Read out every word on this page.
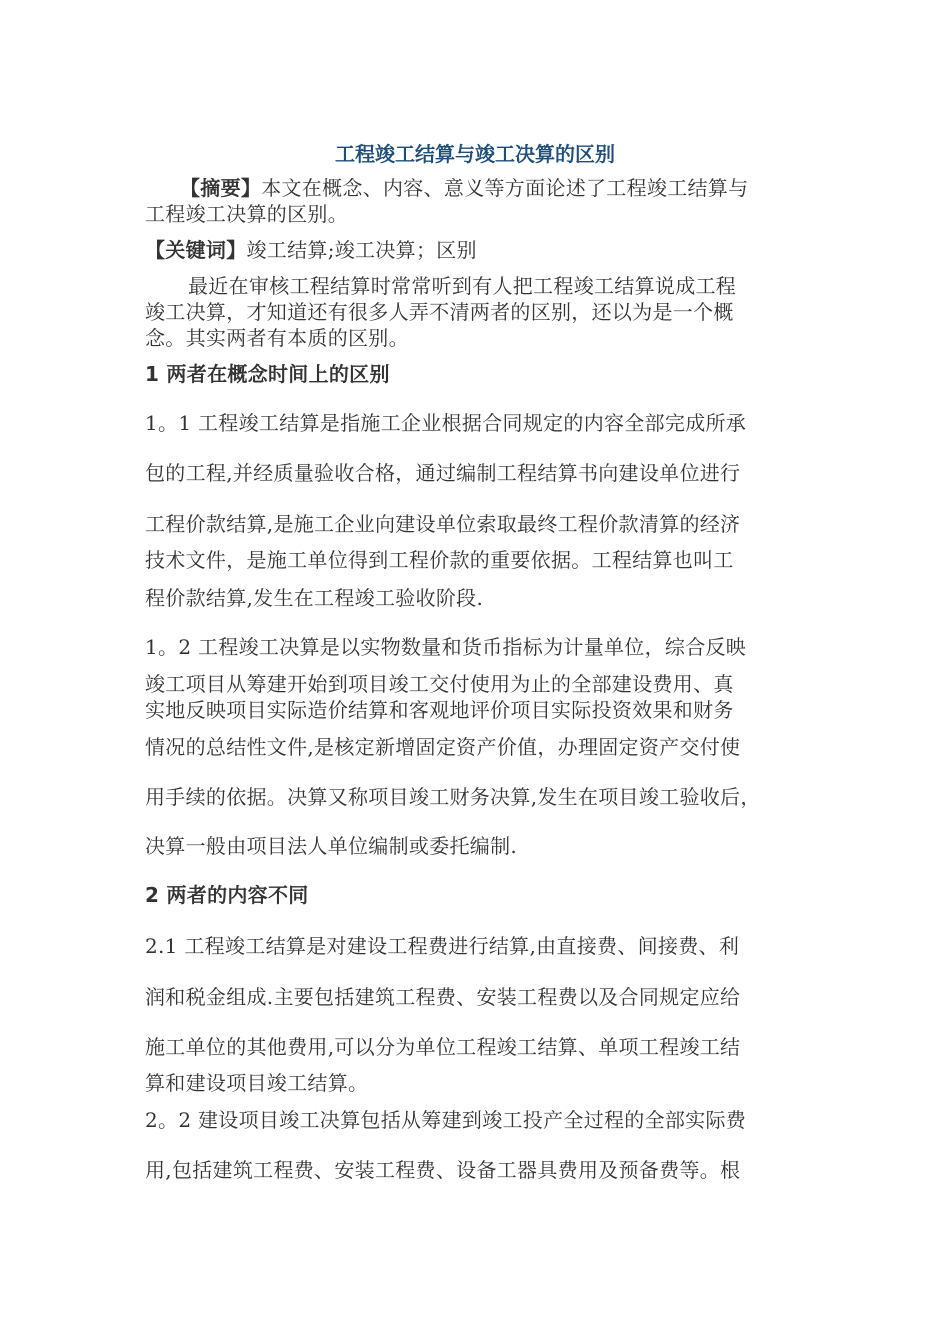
工程竣工结算与竣工决算的区别
【摘要】本文在概念、内容、意义等方面论述了工程竣工结算与
工程竣工决算的区别。
【关键词】竣工结算;竣工决算；区别
最近在审核工程结算时常常听到有人把工程竣工结算说成工程
竣工决算，才知道还有很多人弄不清两者的区别，还以为是一个概
念。其实两者有本质的区别。
1 两者在概念时间上的区别
1。1 工程竣工结算是指施工企业根据合同规定的内容全部完成所承
包的工程,并经质量验收合格，通过编制工程结算书向建设单位进行
工程价款结算,是施工企业向建设单位索取最终工程价款清算的经济
技术文件，是施工单位得到工程价款的重要依据。工程结算也叫工
程价款结算,发生在工程竣工验收阶段.
1。2 工程竣工决算是以实物数量和货币指标为计量单位，综合反映
竣工项目从筹建开始到项目竣工交付使用为止的全部建设费用、真
实地反映项目实际造价结算和客观地评价项目实际投资效果和财务
情况的总结性文件,是核定新增固定资产价值，办理固定资产交付使
用手续的依据。决算又称项目竣工财务决算,发生在项目竣工验收后，
决算一般由项目法人单位编制或委托编制.
2 两者的内容不同
2.1 工程竣工结算是对建设工程费进行结算,由直接费、间接费、利
润和税金组成.主要包括建筑工程费、安装工程费以及合同规定应给
施工单位的其他费用,可以分为单位工程竣工结算、单项工程竣工结
算和建设项目竣工结算。
2。2 建设项目竣工决算包括从筹建到竣工投产全过程的全部实际费
用,包括建筑工程费、安装工程费、设备工器具费用及预备费等。根
